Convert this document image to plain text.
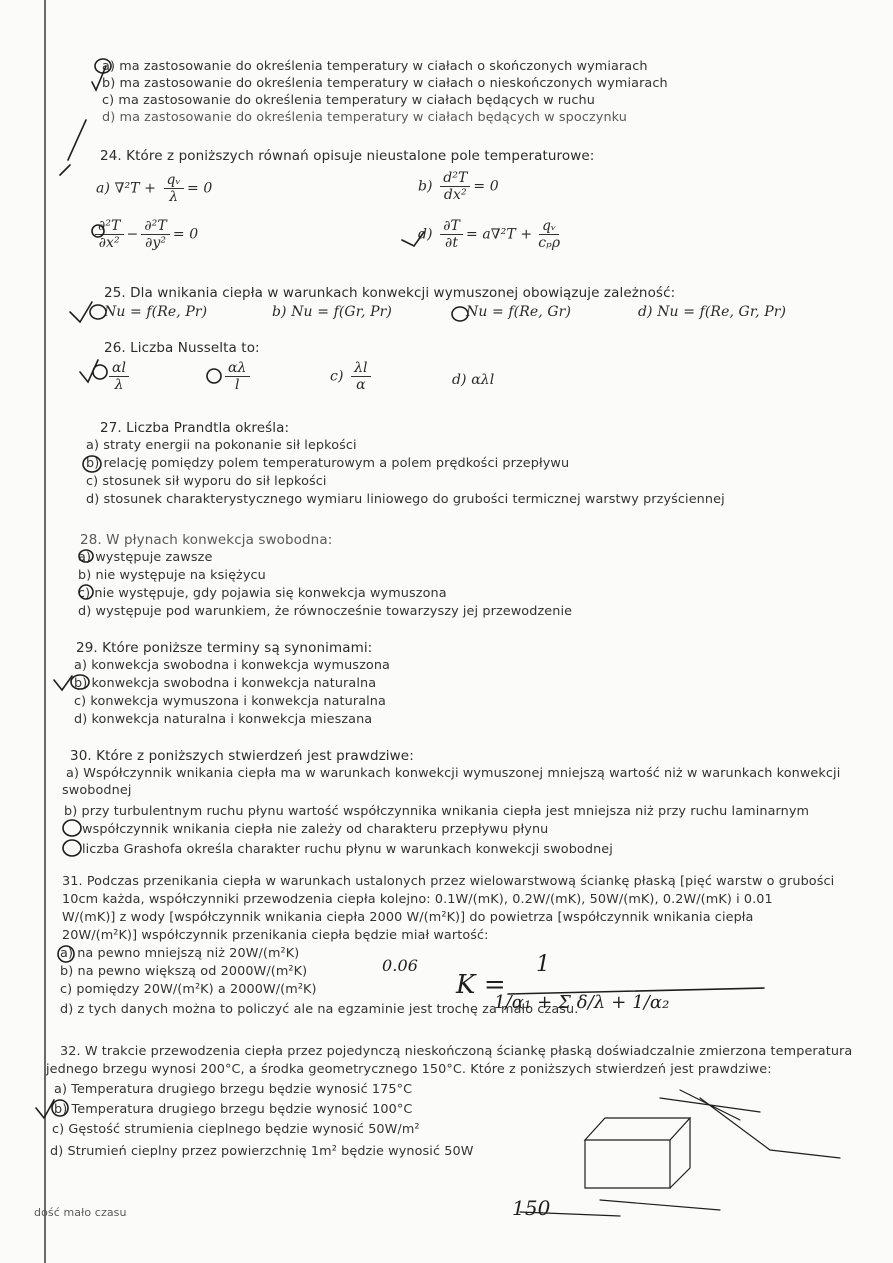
a) ma zastosowanie do określenia temperatury w ciałach o skończonych wymiarach
b) ma zastosowanie do określenia temperatury w ciałach o nieskończonych wymiarach
c) ma zastosowanie do określenia temperatury w ciałach będących w ruchu
d) ma zastosowanie do określenia temperatury w ciałach będących w spoczynku
24. Które z poniższych równań opisuje nieustalone pole temperaturowe:
a) $\nabla^2T + \frac{\text{qᵥ}}{\lambda} = 0$	$b) \frac{\text{d²T}}{\text{dx²}} = 0$
$\frac{\text{∂²T}}{\text{∂x²}} - \frac{\text{∂²T}}{\text{∂y²}} = 0$	$d) \frac{\partial T}{\partial t} = a\nabla^2T + \frac{\text{qᵥ}}{\text{cₚρ}}$
25. Dla wnikania ciepła w warunkach konwekcji wymuszonej obowiązuje zależność:
Nu = f(Re, Pr)	b) Nu = f(Gr, Pr)	Nu = f(Re, Gr)	d) Nu = f(Re, Gr, Pr)
26. Liczba Nusselta to:
$\frac{\alpha l}{\lambda}$	$\frac{\alpha\lambda}{l}$	$c) \frac{\lambda l}{\alpha}$	d) αλl
27. Liczba Prandtla określa:
a) straty energii na pokonanie sił lepkości
b) relację pomiędzy polem temperaturowym a polem prędkości przepływu
c) stosunek sił wyporu do sił lepkości
d) stosunek charakterystycznego wymiaru liniowego do grubości termicznej warstwy przyściennej
28. W płynach konwekcja swobodna:
a) występuje zawsze
b) nie występuje na księżycu
c) nie występuje, gdy pojawia się konwekcja wymuszona
d) występuje pod warunkiem, że równocześnie towarzyszy jej przewodzenie
29. Które poniższe terminy są synonimami:
a) konwekcja swobodna i konwekcja wymuszona
b) konwekcja swobodna i konwekcja naturalna
c) konwekcja wymuszona i konwekcja naturalna
d) konwekcja naturalna i konwekcja mieszana
30. Które z poniższych stwierdzeń jest prawdziwe:
a) Współczynnik wnikania ciepła ma w warunkach konwekcji wymuszonej mniejszą wartość niż w warunkach konwekcji
swobodnej
b) przy turbulentnym ruchu płynu wartość współczynnika wnikania ciepła jest mniejsza niż przy ruchu laminarnym
współczynnik wnikania ciepła nie zależy od charakteru przepływu płynu
liczba Grashofa określa charakter ruchu płynu w warunkach konwekcji swobodnej
31. Podczas przenikania ciepła w warunkach ustalonych przez wielowarstwową ściankę płaską [pięć warstw o grubości
10cm każda, współczynniki przewodzenia ciepła kolejno: 0.1W/(mK), 0.2W/(mK), 50W/(mK), 0.2W/(mK) i 0.01
W/(mK)] z wody [współczynnik wnikania ciepła 2000 W/(m²K)] do powietrza [współczynnik wnikania ciepła
20W/(m²K)] współczynnik przenikania ciepła będzie miał wartość:
a) na pewno mniejszą niż 20W/(m²K)
b) na pewno większą od 2000W/(m²K)
c) pomiędzy 20W/(m²K) a 2000W/(m²K)
d) z tych danych można to policzyć ale na egzaminie jest trochę za mało czasu.
0.06
K =
1
1/α₁ + Σ δ/λ + 1/α₂
32. W trakcie przewodzenia ciepła przez pojedynczą nieskończoną ściankę płaską doświadczalnie zmierzona temperatura
jednego brzegu wynosi 200°C, a środka geometrycznego 150°C. Które z poniższych stwierdzeń jest prawdziwe:
a) Temperatura drugiego brzegu będzie wynosić 175°C
b) Temperatura drugiego brzegu będzie wynosić 100°C
c) Gęstość strumienia cieplnego będzie wynosić 50W/m²
d) Strumień cieplny przez powierzchnię 1m² będzie wynosić 50W
dość mało czasu	150
